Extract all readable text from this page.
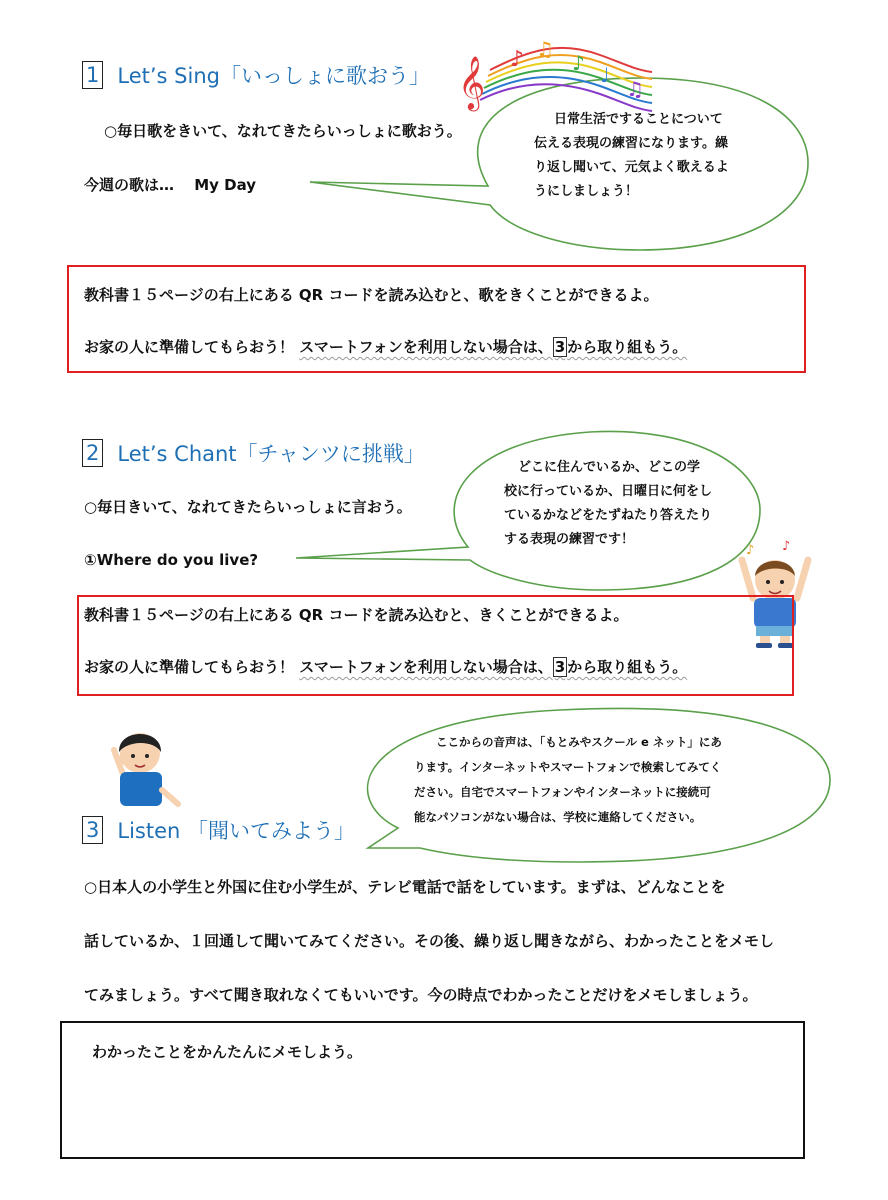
𝄞 ♪ ♫
♪ ♩
♫
♪ ♪
1 Let’s Sing「いっしょに歌おう」
○毎日歌をきいて、なれてきたらいっしょに歌おう。
今週の歌は…　 My Day
日常生活ですることについて
伝える表現の練習になります。繰
り返し聞いて、元気よく歌えるよ
うにしましょう！
教科書１５ページの右上にある QR コードを読み込むと、歌をきくことができるよ。
お家の人に準備してもらおう！ スマートフォンを利用しない場合は、 3 から取り組もう。
2 Let’s Chant「チャンツに挑戦」
○毎日きいて、なれてきたらいっしょに言おう。
①Where do you live?
どこに住んでいるか、どこの学
校に行っているか、日曜日に何をし
ているかなどをたずねたり答えたり
する表現の練習です！
教科書１５ページの右上にある QR コードを読み込むと、きくことができるよ。
お家の人に準備してもらおう！ スマートフォンを利用しない場合は、 3 から取り組もう。
ここからの音声は、「もとみやスクール e ネット」にあ
ります。インターネットやスマートフォンで検索してみてく
ださい。自宅でスマートフォンやインターネットに接続可
能なパソコンがない場合は、学校に連絡してください。
3 Listen 「聞いてみよう」
○日本人の小学生と外国に住む小学生が、テレビ電話で話をしています。まずは、どんなことを
話しているか、１回通して聞いてみてください。その後、繰り返し聞きながら、わかったことをメモし
てみましょう。すべて聞き取れなくてもいいです。今の時点でわかったことだけをメモしましょう。
わかったことをかんたんにメモしよう。
